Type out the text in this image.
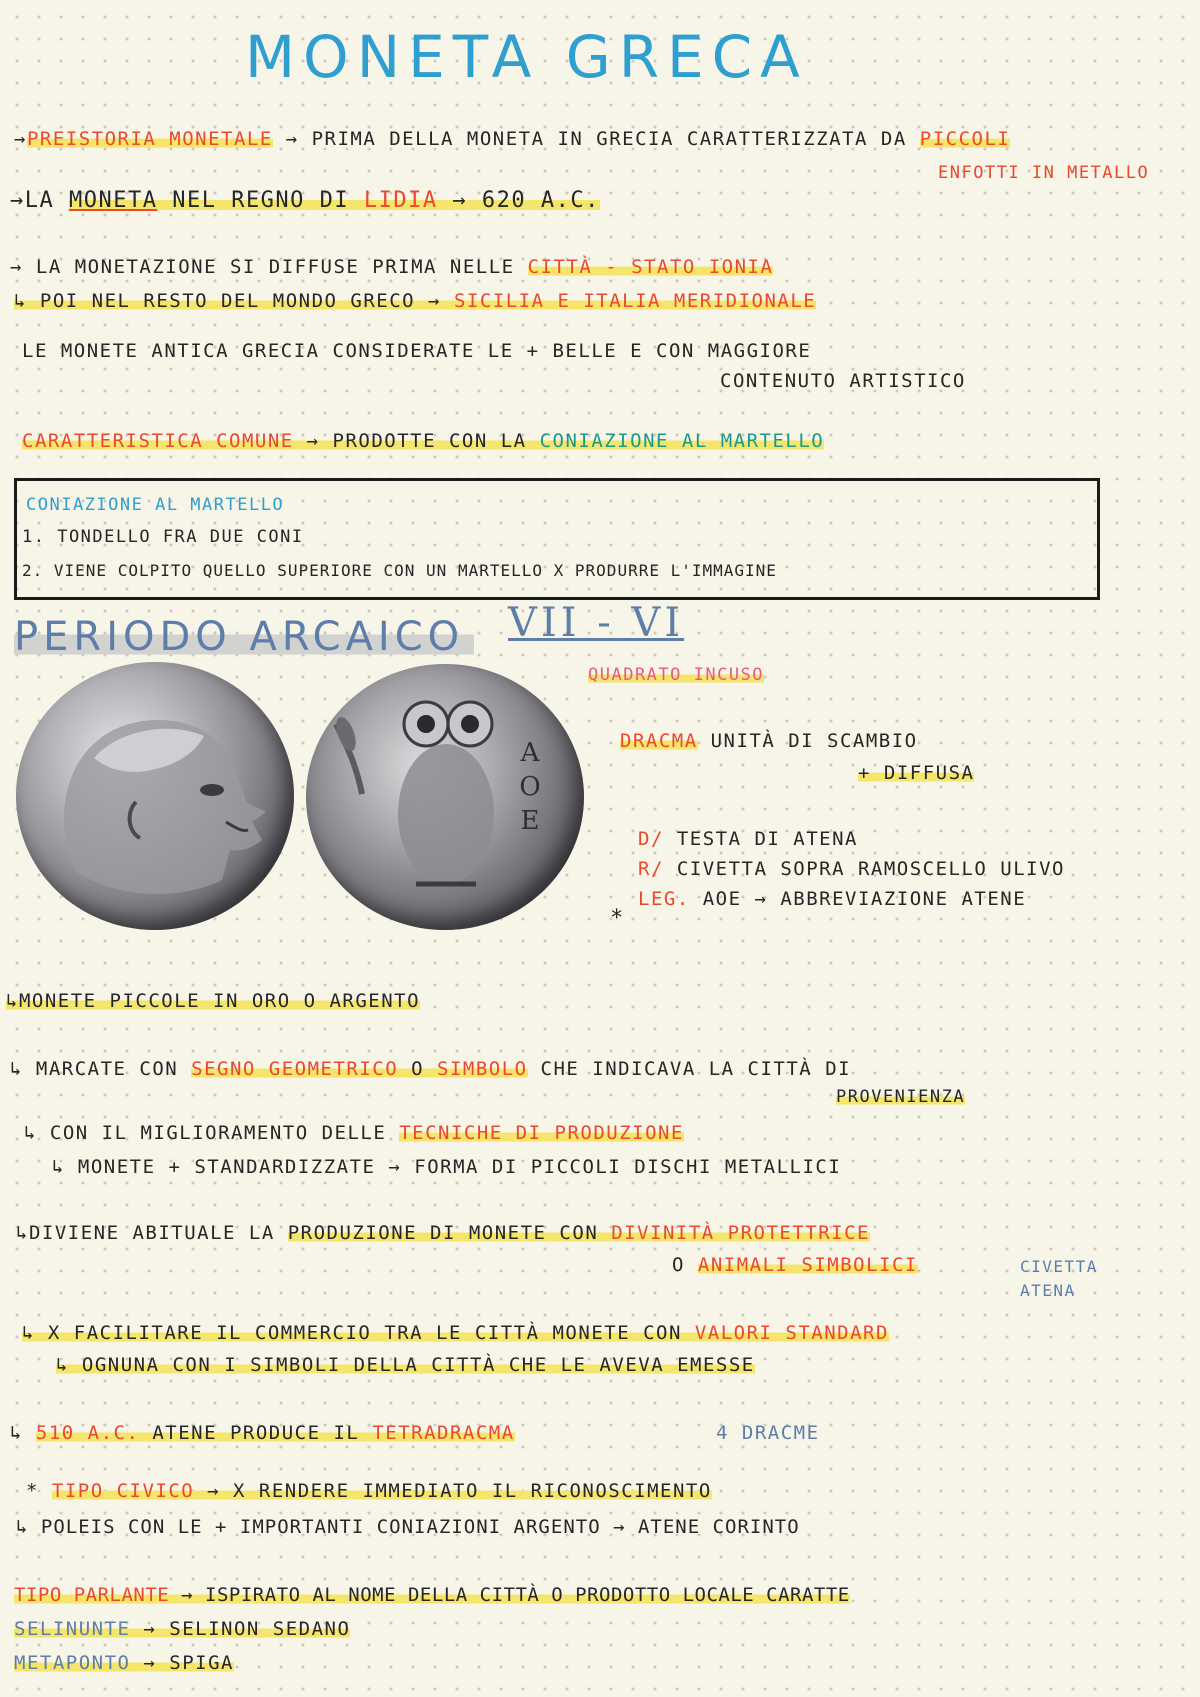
MONETA GRECA
→PREISTORIA MONETALE → PRIMA DELLA MONETA IN GRECIA CARATTERIZZATA DA PICCOLI
ENFOTTI IN METALLO
→LA MONETA NEL REGNO DI LIDIA → 620 A.C.
→ LA MONETAZIONE SI DIFFUSE PRIMA NELLE CITTÀ - STATO IONIA
↳ POI NEL RESTO DEL MONDO GRECO → SICILIA E ITALIA MERIDIONALE
LE MONETE ANTICA GRECIA CONSIDERATE LE + BELLE E CON MAGGIORE
CONTENUTO ARTISTICO
CARATTERISTICA COMUNE → PRODOTTE CON LA CONIAZIONE AL MARTELLO
CONIAZIONE AL MARTELLO
1. TONDELLO FRA DUE CONI
2. VIENE COLPITO QUELLO SUPERIORE CON UN MARTELLO X PRODURRE L'IMMAGINE
PERIODO ARCAICO VII - VI
AOE
QUADRATO INCUSO
DRACMA UNITÀ DI SCAMBIO
+ DIFFUSA
D/ TESTA DI ATENA
R/ CIVETTA SOPRA RAMOSCELLO ULIVO
LEG. AOE → ABBREVIAZIONE ATENE
*
↳MONETE PICCOLE IN ORO O ARGENTO
↳ MARCATE CON SEGNO GEOMETRICO O SIMBOLO CHE INDICAVA LA CITTÀ DI
PROVENIENZA
↳ CON IL MIGLIORAMENTO DELLE TECNICHE DI PRODUZIONE
↳ MONETE + STANDARDIZZATE → FORMA DI PICCOLI DISCHI METALLICI
↳DIVIENE ABITUALE LA PRODUZIONE DI MONETE CON DIVINITÀ PROTETTRICE
O ANIMALI SIMBOLICI	CIVETTA
ATENA
↳ X FACILITARE IL COMMERCIO TRA LE CITTÀ MONETE CON VALORI STANDARD
↳ OGNUNA CON I SIMBOLI DELLA CITTÀ CHE LE AVEVA EMESSE
↳ 510 A.C. ATENE PRODUCE IL TETRADRACMA	4 DRACME
* TIPO CIVICO → X RENDERE IMMEDIATO IL RICONOSCIMENTO
↳ POLEIS CON LE + IMPORTANTI CONIAZIONI ARGENTO → ATENE CORINTO
TIPO PARLANTE → ISPIRATO AL NOME DELLA CITTÀ O PRODOTTO LOCALE CARATTE
SELINUNTE → SELINON SEDANO
METAPONTO → SPIGA
